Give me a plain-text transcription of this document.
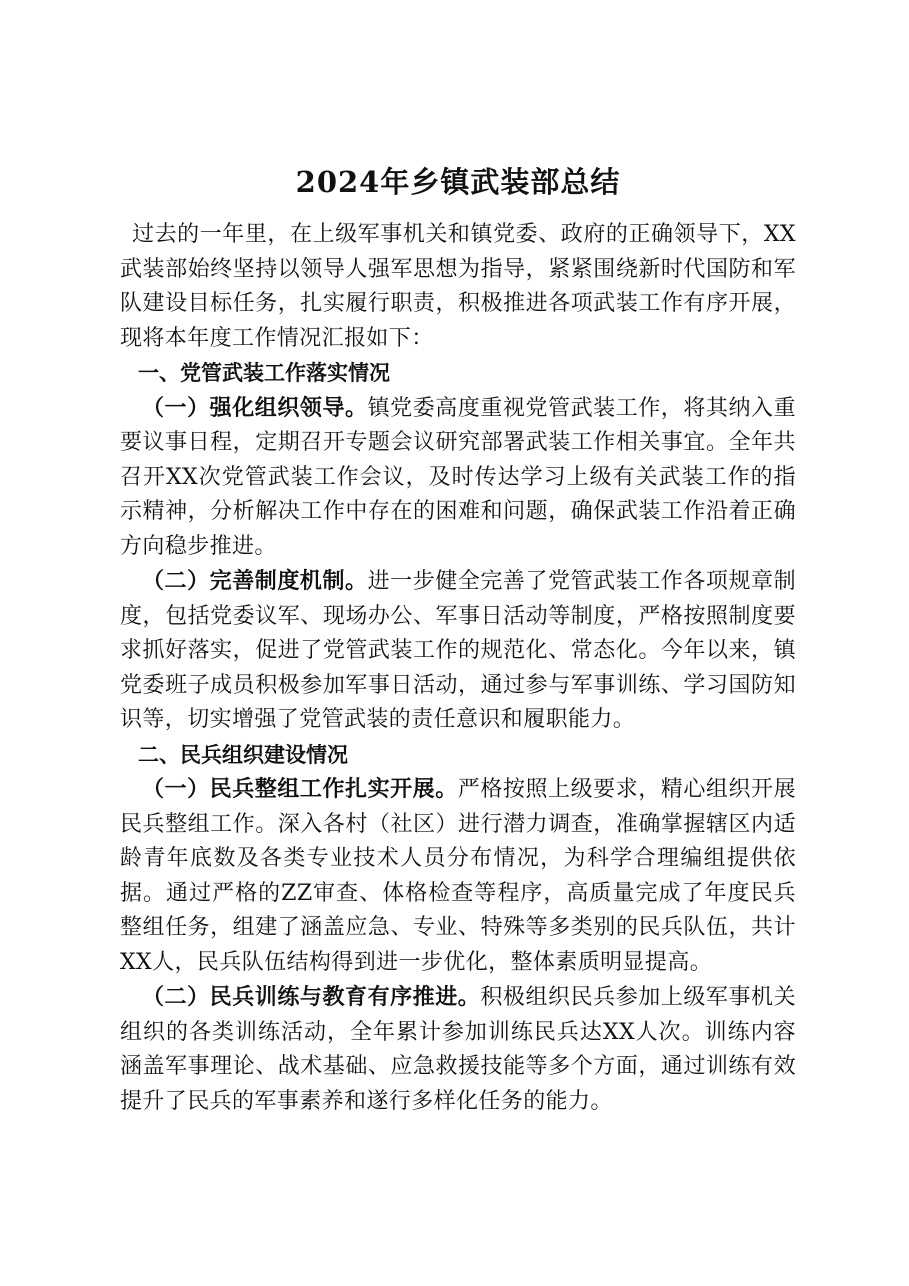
2024年乡镇武装部总结

过去的一年里，在上级军事机关和镇党委、政府的正确领导下，XX武装部始终坚持以领导人强军思想为指导，紧紧围绕新时代国防和军队建设目标任务，扎实履行职责，积极推进各项武装工作有序开展，现将本年度工作情况汇报如下：

一、党管武装工作落实情况

（一）强化组织领导。镇党委高度重视党管武装工作，将其纳入重要议事日程，定期召开专题会议研究部署武装工作相关事宜。全年共召开XX次党管武装工作会议，及时传达学习上级有关武装工作的指示精神，分析解决工作中存在的困难和问题，确保武装工作沿着正确方向稳步推进。

（二）完善制度机制。进一步健全完善了党管武装工作各项规章制度，包括党委议军、现场办公、军事日活动等制度，严格按照制度要求抓好落实，促进了党管武装工作的规范化、常态化。今年以来，镇党委班子成员积极参加军事日活动，通过参与军事训练、学习国防知识等，切实增强了党管武装的责任意识和履职能力。

二、民兵组织建设情况

（一）民兵整组工作扎实开展。严格按照上级要求，精心组织开展民兵整组工作。深入各村（社区）进行潜力调查，准确掌握辖区内适龄青年底数及各类专业技术人员分布情况，为科学合理编组提供依据。通过严格的ZZ审查、体格检查等程序，高质量完成了年度民兵整组任务，组建了涵盖应急、专业、特殊等多类别的民兵队伍，共计XX人，民兵队伍结构得到进一步优化，整体素质明显提高。

（二）民兵训练与教育有序推进。积极组织民兵参加上级军事机关组织的各类训练活动，全年累计参加训练民兵达XX人次。训练内容涵盖军事理论、战术基础、应急救援技能等多个方面，通过训练有效提升了民兵的军事素养和遂行多样化任务的能力。
